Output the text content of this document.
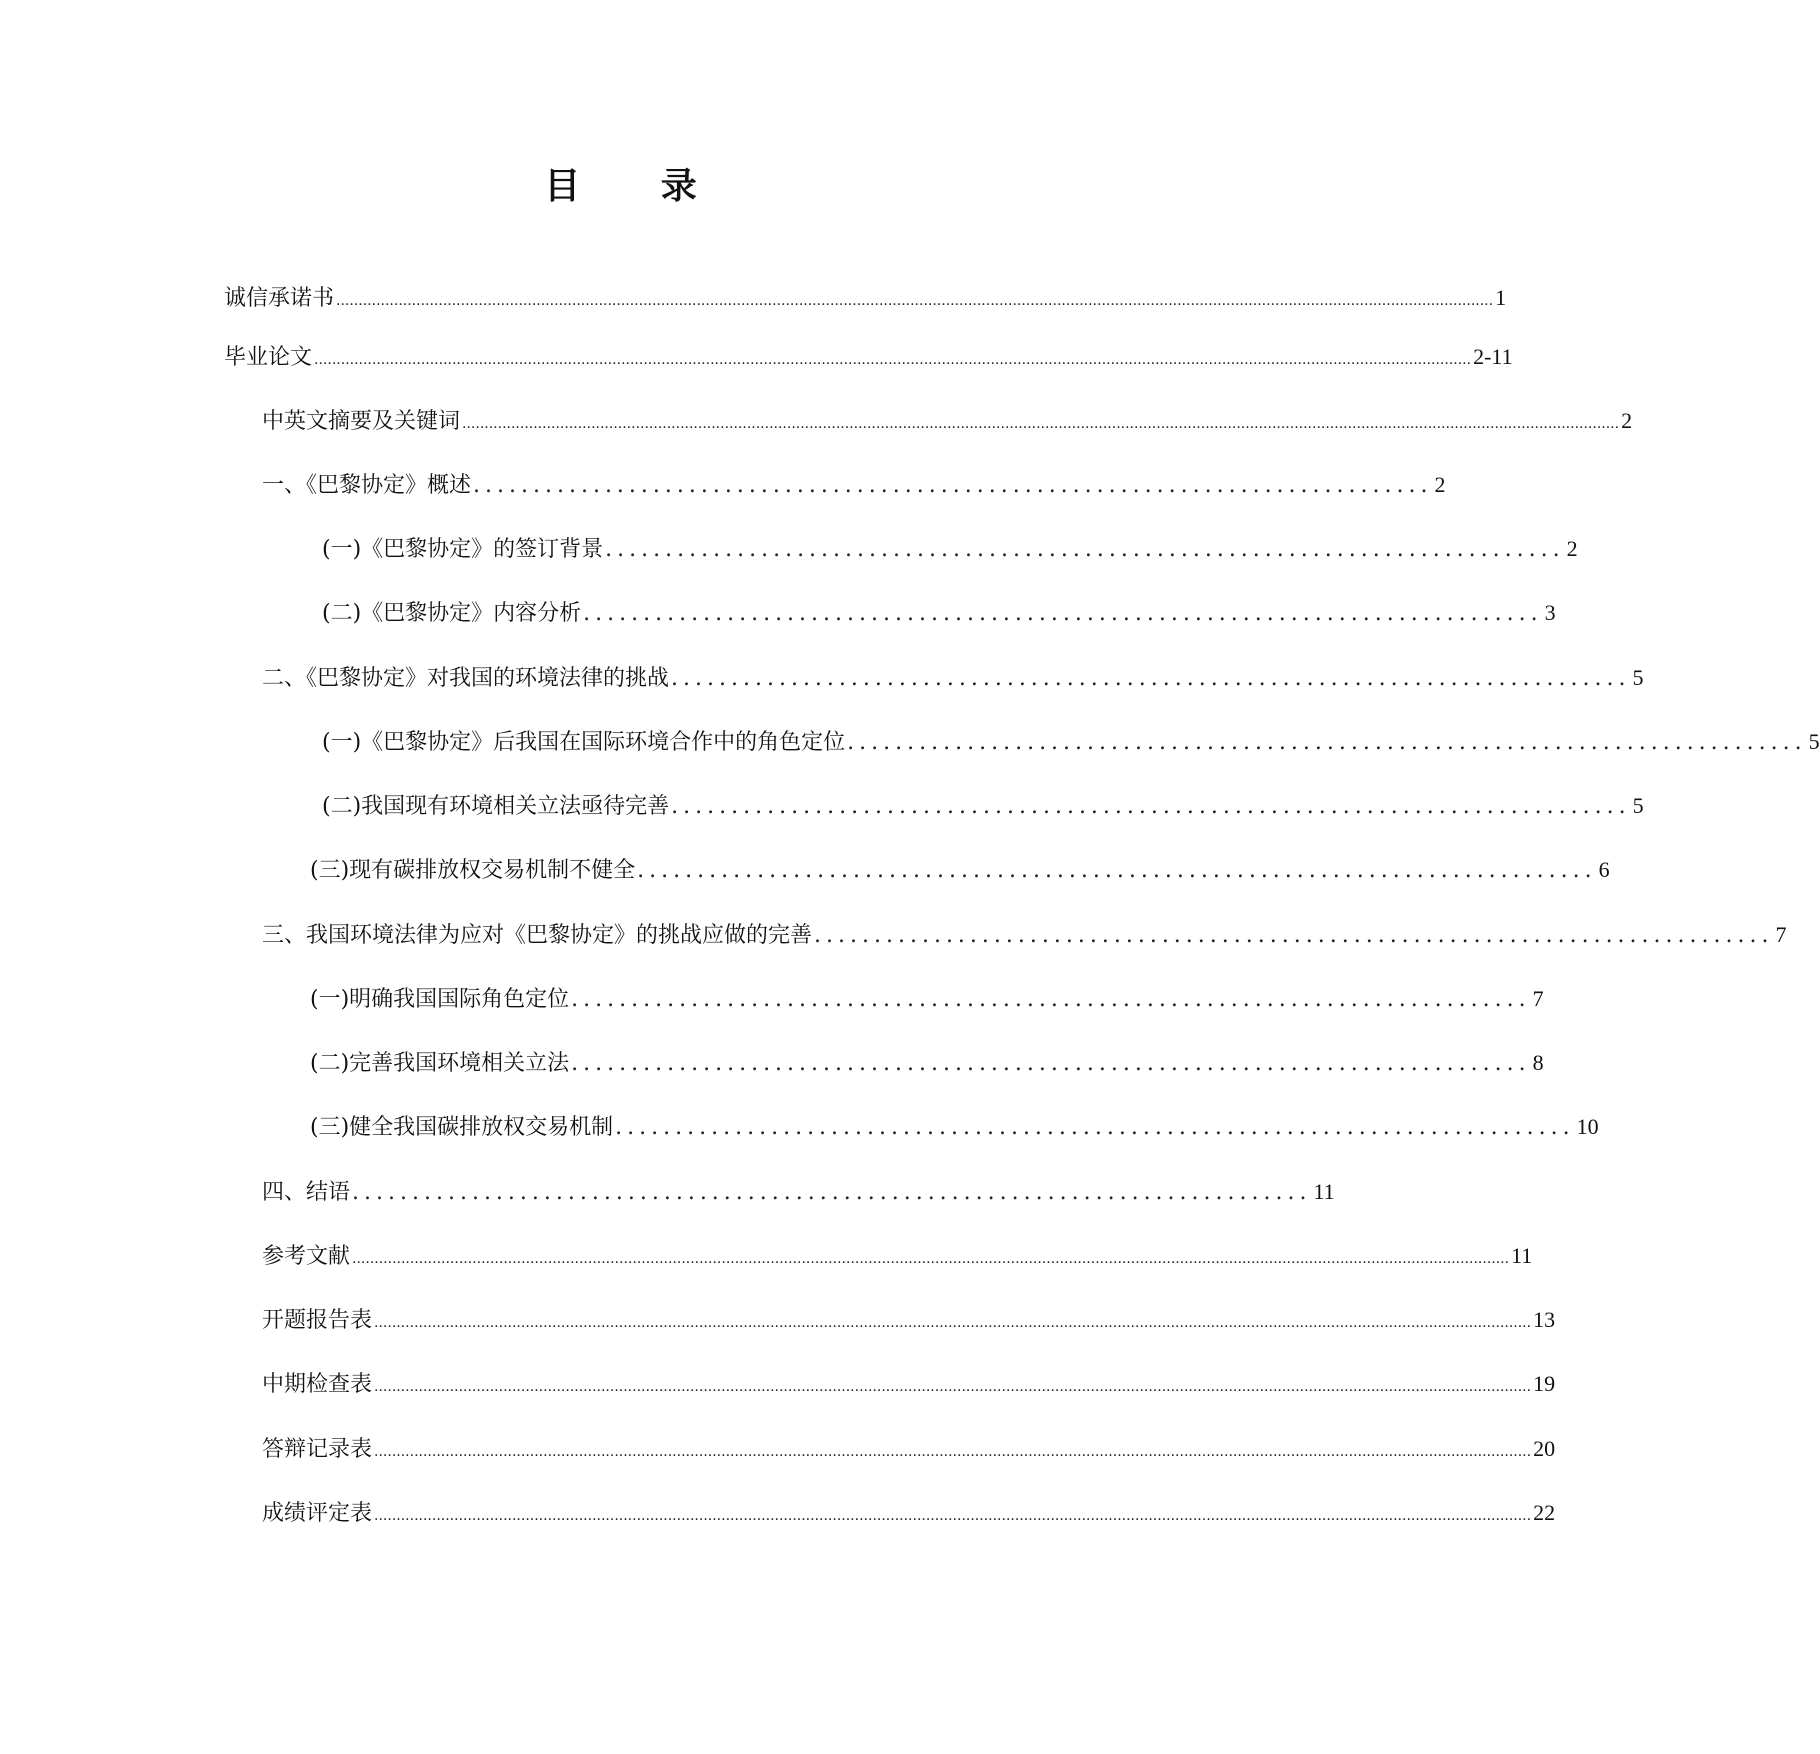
目 录
诚信承诺书 .................................................................................................................................................................................................................................................................... 1
毕业论文 .................................................................................................................................................................................................................................................................... 2-11
中英文摘要及关键词 .................................................................................................................................................................................................................................................................... 2
一、《巴黎协定》概述 ................................................................................ 2
(一)《巴黎协定》的签订背景 ................................................................................ 2
(二)《巴黎协定》内容分析 ................................................................................ 3
二、《巴黎协定》对我国的环境法律的挑战 ................................................................................ 5
(一)《巴黎协定》后我国在国际环境合作中的角色定位 ................................................................................ 5
(二)我国现有环境相关立法亟待完善 ................................................................................ 5
(三)现有碳排放权交易机制不健全 ................................................................................ 6
三、我国环境法律为应对《巴黎协定》的挑战应做的完善 ................................................................................ 7
(一)明确我国国际角色定位 ................................................................................ 7
(二)完善我国环境相关立法 ................................................................................ 8
(三)健全我国碳排放权交易机制 ................................................................................ 10
四、结语 ................................................................................ 11
参考文献 .................................................................................................................................................................................................................................................................... 11
开题报告表 .................................................................................................................................................................................................................................................................... 13
中期检查表 .................................................................................................................................................................................................................................................................... 19
答辩记录表 .................................................................................................................................................................................................................................................................... 20
成绩评定表 .................................................................................................................................................................................................................................................................... 22
